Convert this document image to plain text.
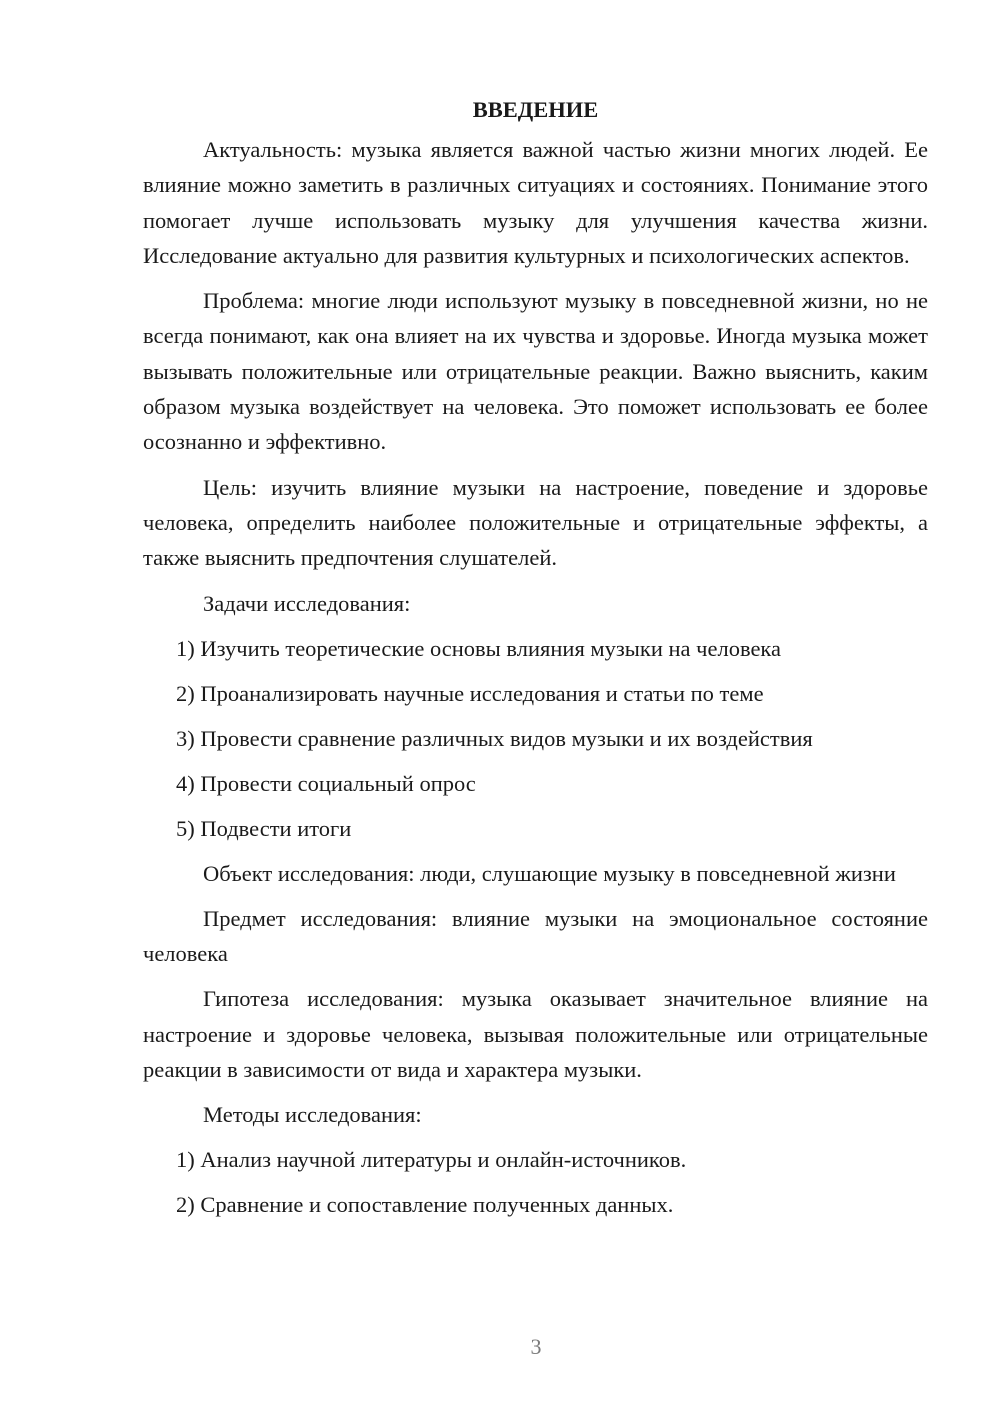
ВВЕДЕНИЕ
Актуальность: музыка является важной частью жизни многих людей. Ее влияние можно заметить в различных ситуациях и состояниях. Понимание этого помогает лучше использовать музыку для улучшения качества жизни. Исследование актуально для развития культурных и психологических аспектов.
Проблема: многие люди используют музыку в повседневной жизни, но не всегда понимают, как она влияет на их чувства и здоровье. Иногда музыка может вызывать положительные или отрицательные реакции. Важно выяснить, каким образом музыка воздействует на человека. Это поможет использовать ее более осознанно и эффективно.
Цель: изучить влияние музыки на настроение, поведение и здоровье человека, определить наиболее положительные и отрицательные эффекты, а также выяснить предпочтения слушателей.
Задачи исследования:
1) Изучить теоретические основы влияния музыки на человека
2) Проанализировать научные исследования и статьи по теме
3) Провести сравнение различных видов музыки и их воздействия
4) Провести социальный опрос
5) Подвести итоги
Объект исследования: люди, слушающие музыку в повседневной жизни
Предмет исследования: влияние музыки на эмоциональное состояние человека
Гипотеза исследования: музыка оказывает значительное влияние на настроение и здоровье человека, вызывая положительные или отрицательные реакции в зависимости от вида и характера музыки.
Методы исследования:
1) Анализ научной литературы и онлайн-источников.
2) Сравнение и сопоставление полученных данных.
3
